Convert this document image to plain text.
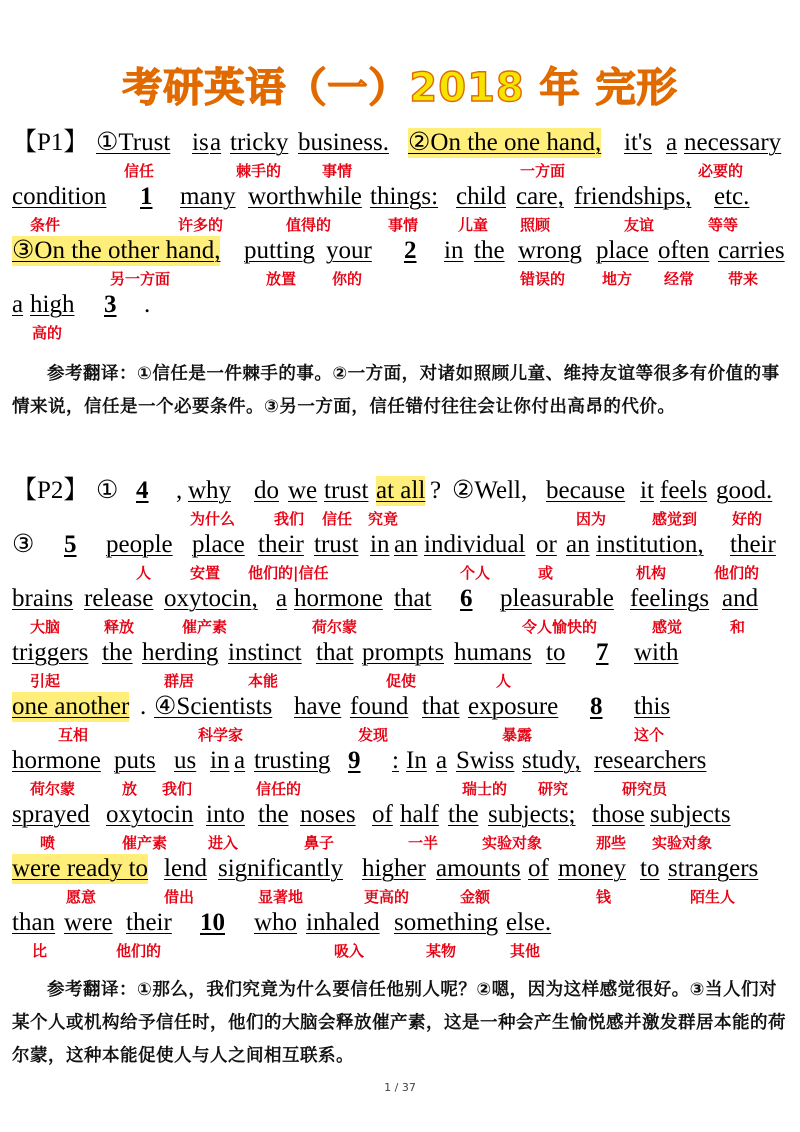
考研英语（一）2018 年 完形
【P1】 ①Trust is a tricky business. ②On the one hand, it's a necessary
信任	棘手的	事情	一方面	必要的
condition 1 many worthwhile things: child care, friendships, etc.
条件	许多的	值得的	事情	儿童 照顾	友谊	等等
③On the other hand, putting your 2 in the wrong place often carries
另一方面	放置 你的	错误的 地方 经常 带来
a high 3 .
高的
参考翻译：①信任是一件棘手的事。②一方面，对诸如照顾儿童、维持友谊等很多有价值的事情来说，信任是一个必要条件。③另一方面，信任错付往往会让你付出高昂的代价。
【P2】 ① 4 , why do we trust at all ? ②Well, because it feels good.
为什么	我们 信任 究竟	因为	感觉到 好的
③ 5 people place their trust in an individual or an institution, their
人	安置 他们的|信任	个人	或	机构	他们的
brains release oxytocin, a hormone that 6 pleasurable feelings and
大脑	释放	催产素	荷尔蒙	令人愉快的	感觉	和
triggers the herding instinct that prompts humans to 7 with
引起	群居	本能	促使	人
one another . ④Scientists have found that exposure 8 this
互相	科学家	发现	暴露	这个
hormone puts us in a trusting 9 : In a Swiss study, researchers
荷尔蒙	放 我们	信任的	瑞士的 研究	研究员
sprayed oxytocin into the noses of half the subjects; those subjects
喷	催产素	进入	鼻子	一半	实验对象	那些 实验对象
were ready to lend significantly higher amounts of money to strangers
愿意	借出	显著地	更高的	金额	钱	陌生人
than were their 10 who inhaled something else.
比	他们的	吸入	某物	其他
参考翻译：①那么，我们究竟为什么要信任他别人呢？②嗯，因为这样感觉很好。③当人们对某个人或机构给予信任时，他们的大脑会释放催产素，这是一种会产生愉悦感并激发群居本能的荷尔蒙，这种本能促使人与人之间相互联系。
1 / 37
